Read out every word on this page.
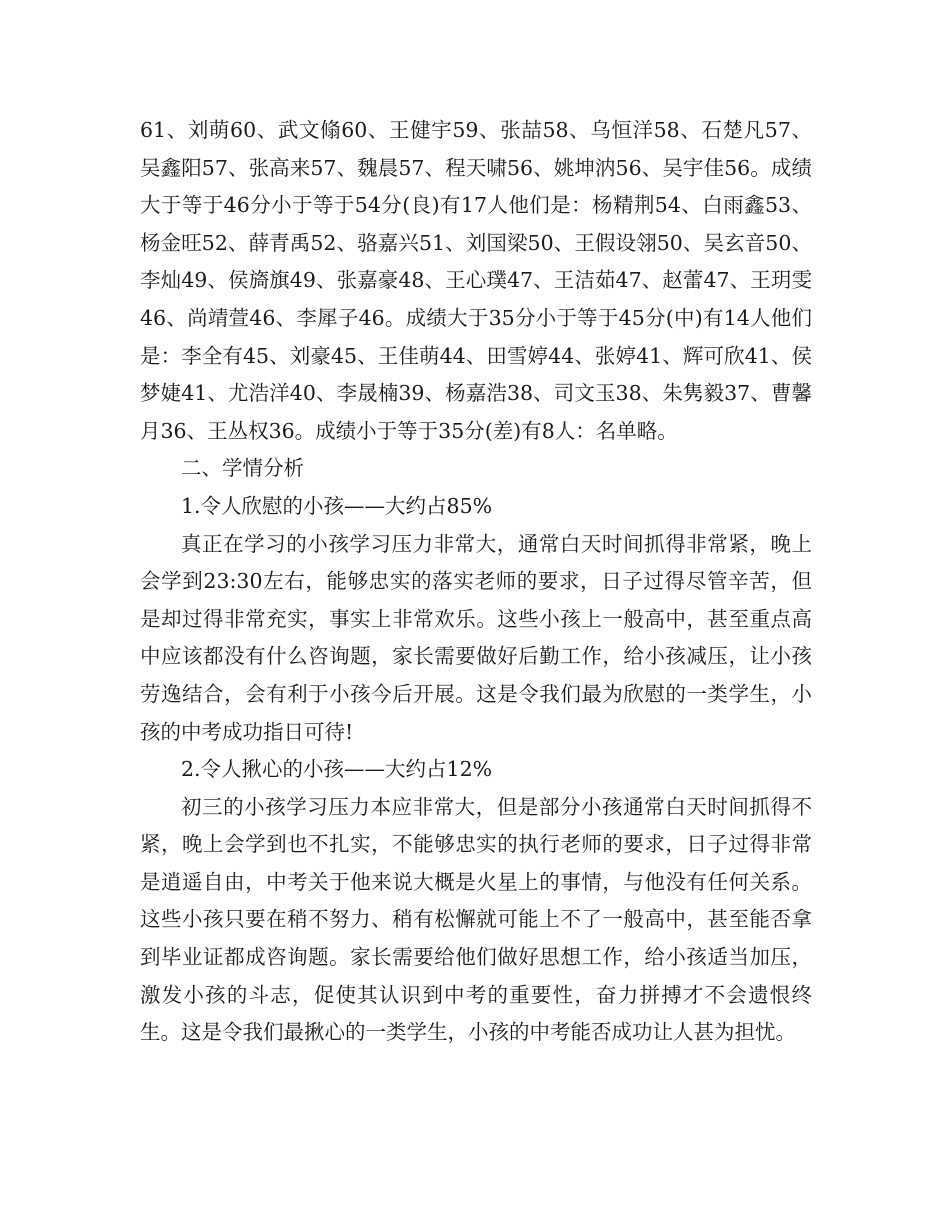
61、刘萌60、武文翛60、王健宇59、张喆58、乌恒洋58、石楚凡57、吴鑫阳57、张高来57、魏晨57、程天啸56、姚坤汭56、吴宇佳56。成绩大于等于46分小于等于54分(良)有17人他们是：杨精荆54、白雨鑫53、杨金旺52、薛青禹52、骆嘉兴51、刘国梁50、王假设翎50、吴玄音50、李灿49、侯旖旗49、张嘉豪48、王心璞47、王洁茹47、赵蕾47、王玥雯46、尚靖萱46、李犀子46。成绩大于35分小于等于45分(中)有14人他们是：李全有45、刘豪45、王佳萌44、田雪婷44、张婷41、辉可欣41、侯梦婕41、尤浩洋40、李晟楠39、杨嘉浩38、司文玉38、朱隽毅37、曹馨月36、王丛权36。成绩小于等于35分(差)有8人：名单略。

二、学情分析

1.令人欣慰的小孩——大约占85%

真正在学习的小孩学习压力非常大，通常白天时间抓得非常紧，晚上会学到23:30左右，能够忠实的落实老师的要求，日子过得尽管辛苦，但是却过得非常充实，事实上非常欢乐。这些小孩上一般高中，甚至重点高中应该都没有什么咨询题，家长需要做好后勤工作，给小孩减压，让小孩劳逸结合，会有利于小孩今后开展。这是令我们最为欣慰的一类学生，小孩的中考成功指日可待!

2.令人揪心的小孩——大约占12%

初三的小孩学习压力本应非常大，但是部分小孩通常白天时间抓得不紧，晚上会学到也不扎实，不能够忠实的执行老师的要求，日子过得非常是逍遥自由，中考关于他来说大概是火星上的事情，与他没有任何关系。这些小孩只要在稍不努力、稍有松懈就可能上不了一般高中，甚至能否拿到毕业证都成咨询题。家长需要给他们做好思想工作，给小孩适当加压，激发小孩的斗志，促使其认识到中考的重要性，奋力拼搏才不会遗恨终生。这是令我们最揪心的一类学生，小孩的中考能否成功让人甚为担忧。
